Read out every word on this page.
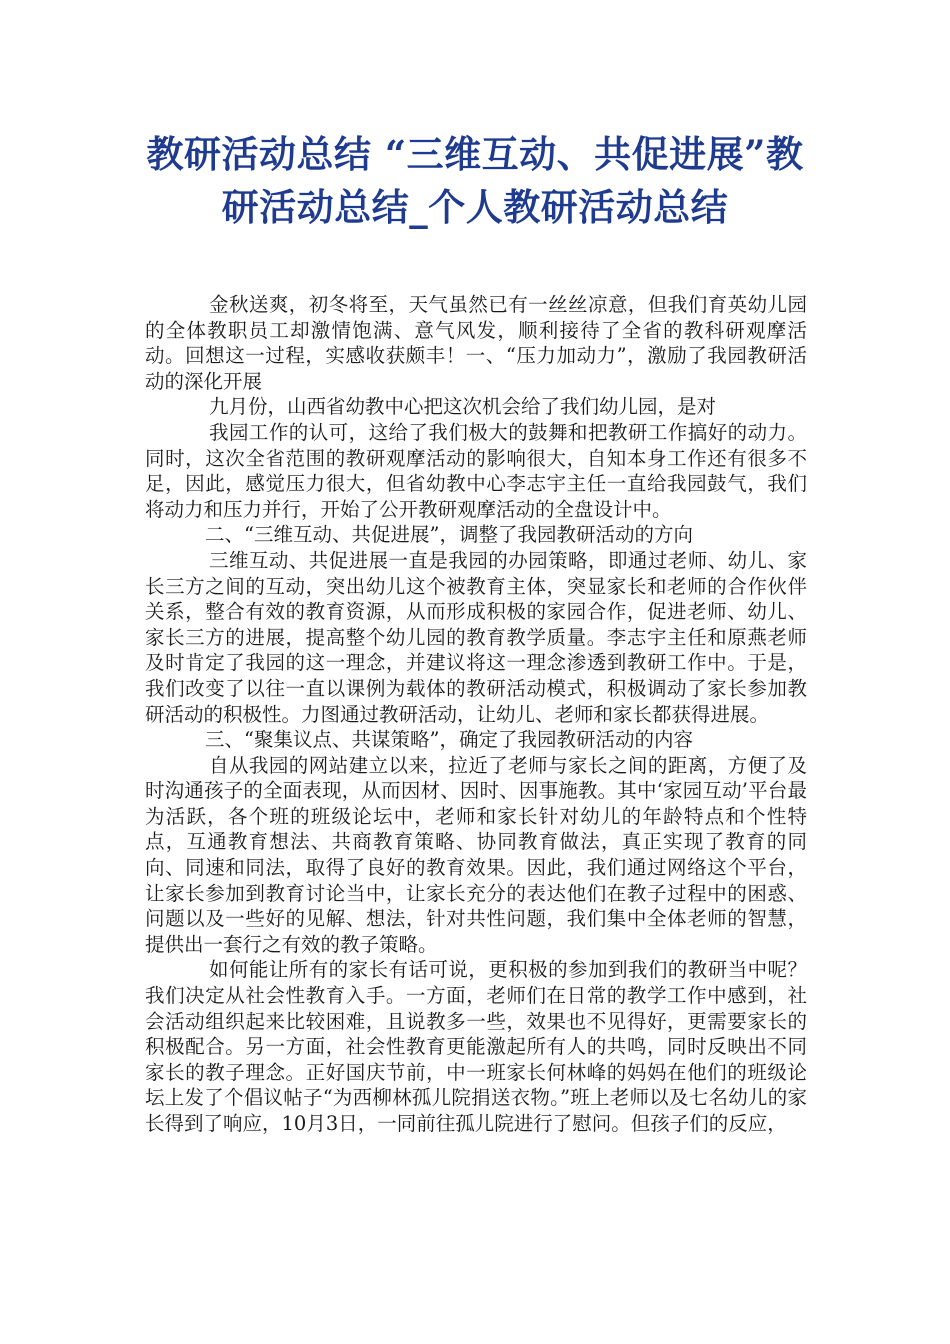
教研活动总结 “三维互动、共促进展”教研活动总结_个人教研活动总结

金秋送爽，初冬将至，天气虽然已有一丝丝凉意，但我们育英幼儿园的全体教职员工却激情饱满、意气风发，顺利接待了全省的教科研观摩活动。回想这一过程，实感收获颇丰！一、“压力加动力”，激励了我园教研活动的深化开展

九月份，山西省幼教中心把这次机会给了我们幼儿园，是对

我园工作的认可，这给了我们极大的鼓舞和把教研工作搞好的动力。同时，这次全省范围的教研观摩活动的影响很大，自知本身工作还有很多不足，因此，感觉压力很大，但省幼教中心李志宇主任一直给我园鼓气，我们将动力和压力并行，开始了公开教研观摩活动的全盘设计中。

二、“三维互动、共促进展”，调整了我园教研活动的方向

三维互动、共促进展一直是我园的办园策略，即通过老师、幼儿、家长三方之间的互动，突出幼儿这个被教育主体，突显家长和老师的合作伙伴关系，整合有效的教育资源，从而形成积极的家园合作，促进老师、幼儿、家长三方的进展，提高整个幼儿园的教育教学质量。李志宇主任和原燕老师及时肯定了我园的这一理念，并建议将这一理念渗透到教研工作中。于是，我们改变了以往一直以课例为载体的教研活动模式，积极调动了家长参加教研活动的积极性。力图通过教研活动，让幼儿、老师和家长都获得进展。

三、“聚集议点、共谋策略”，确定了我园教研活动的内容

自从我园的网站建立以来，拉近了老师与家长之间的距离，方便了及时沟通孩子的全面表现，从而因材、因时、因事施教。其中‘家园互动’平台最为活跃，各个班的班级论坛中，老师和家长针对幼儿的年龄特点和个性特点，互通教育想法、共商教育策略、协同教育做法，真正实现了教育的同向、同速和同法，取得了良好的教育效果。因此，我们通过网络这个平台，让家长参加到教育讨论当中，让家长充分的表达他们在教子过程中的困惑、问题以及一些好的见解、想法，针对共性问题，我们集中全体老师的智慧，提供出一套行之有效的教子策略。

如何能让所有的家长有话可说，更积极的参加到我们的教研当中呢？我们决定从社会性教育入手。一方面，老师们在日常的教学工作中感到，社会活动组织起来比较困难，且说教多一些，效果也不见得好，更需要家长的积极配合。另一方面，社会性教育更能激起所有人的共鸣，同时反映出不同家长的教子理念。正好国庆节前，中一班家长何林峰的妈妈在他们的班级论坛上发了个倡议帖子“为西柳林孤儿院捐送衣物。”班上老师以及七名幼儿的家长得到了响应，10月3日，一同前往孤儿院进行了慰问。但孩子们的反应，
